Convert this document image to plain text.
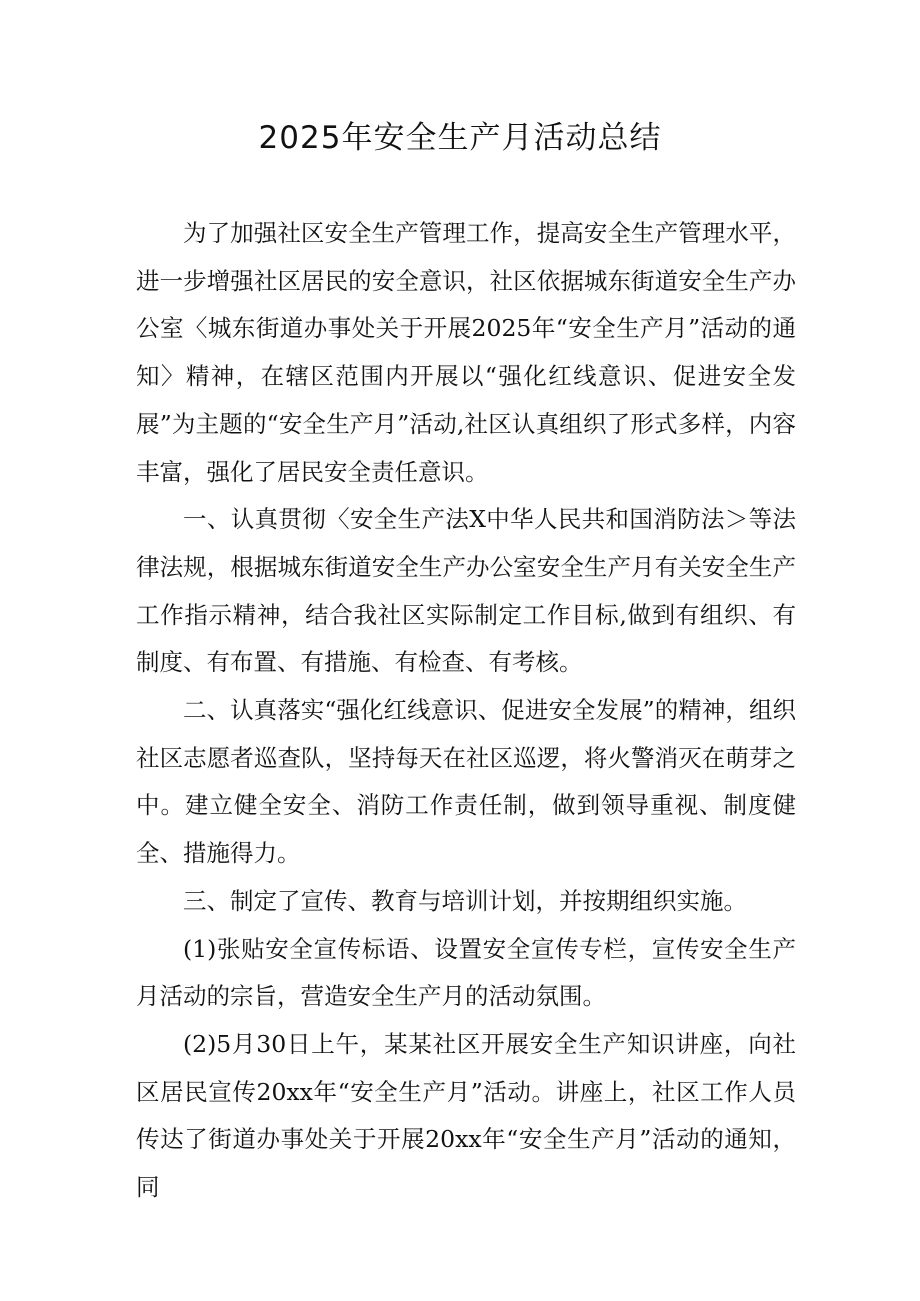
2025年安全生产月活动总结

为了加强社区安全生产管理工作，提高安全生产管理水平，进一步增强社区居民的安全意识，社区依据城东街道安全生产办公室〈城东街道办事处关于开展2025年“安全生产月”活动的通知〉精神，在辖区范围内开展以“强化红线意识、促进安全发展”为主题的“安全生产月”活动,社区认真组织了形式多样，内容丰富，强化了居民安全责任意识。

一、认真贯彻〈安全生产法X中华人民共和国消防法＞等法律法规，根据城东街道安全生产办公室安全生产月有关安全生产工作指示精神，结合我社区实际制定工作目标,做到有组织、有制度、有布置、有措施、有检查、有考核。

二、认真落实“强化红线意识、促进安全发展”的精神，组织社区志愿者巡查队，坚持每天在社区巡逻，将火警消灭在萌芽之中。建立健全安全、消防工作责任制，做到领导重视、制度健全、措施得力。

三、制定了宣传、教育与培训计划，并按期组织实施。

(1)张贴安全宣传标语、设置安全宣传专栏，宣传安全生产月活动的宗旨，营造安全生产月的活动氛围。

(2)5月30日上午，某某社区开展安全生产知识讲座，向社区居民宣传20xx年“安全生产月”活动。讲座上，社区工作人员传达了街道办事处关于开展20xx年“安全生产月”活动的通知，同
